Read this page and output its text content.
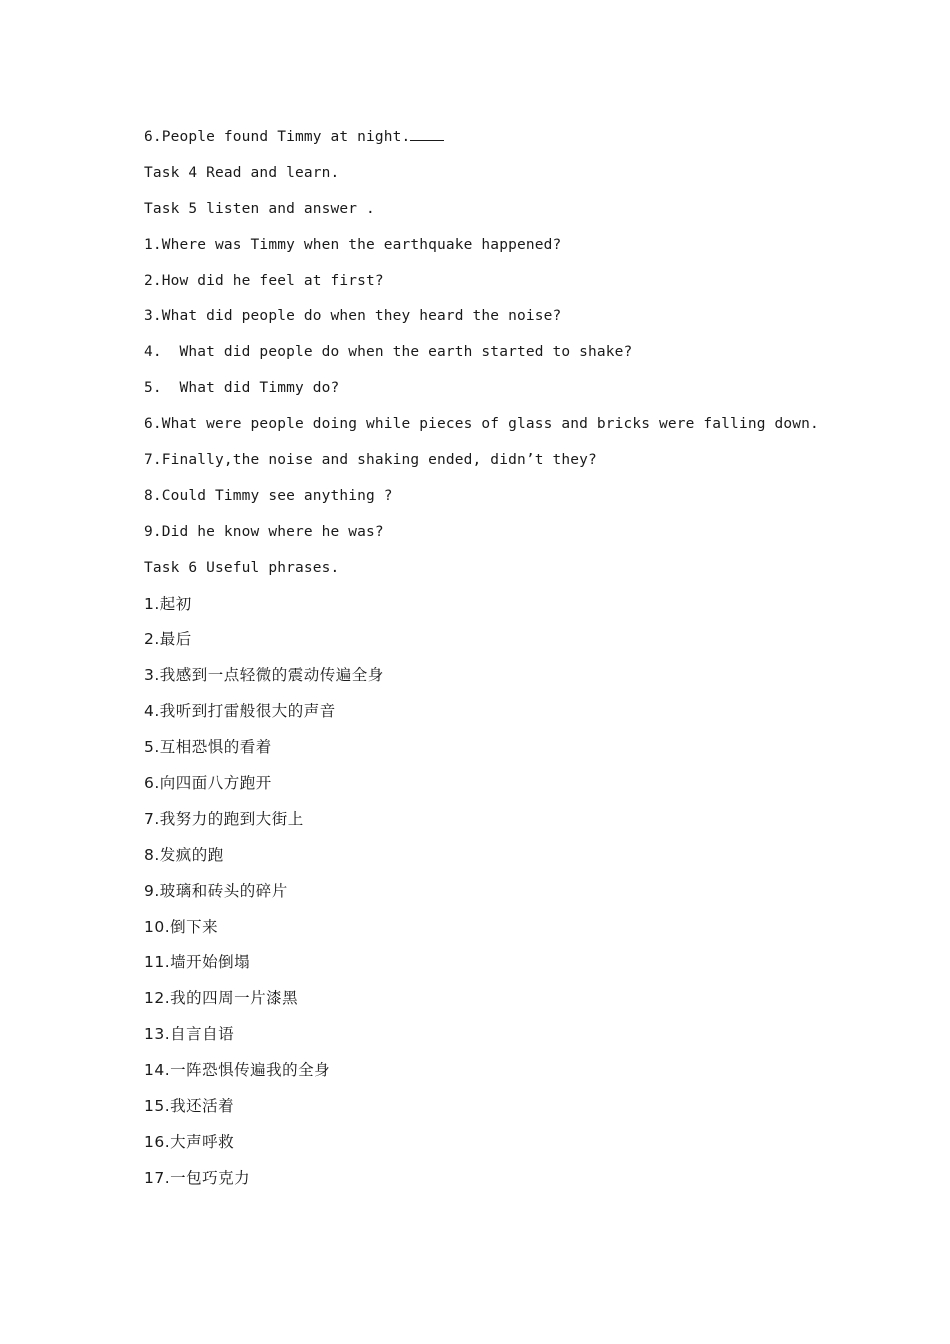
6.People found Timmy at night.
Task 4 Read and learn.
Task 5 listen and answer .
1.Where was Timmy when the earthquake happened?
2.How did he feel at first?
3.What did people do when they heard the noise?
4.  What did people do when the earth started to shake?
5.  What did Timmy do?
6.What were people doing while pieces of glass and bricks were falling down.
7.Finally,the noise and shaking ended, didn’t they?
8.Could Timmy see anything ?
9.Did he know where he was?
Task 6 Useful phrases.
1.起初
2.最后
3.我感到一点轻微的震动传遍全身
4.我听到打雷般很大的声音
5.互相恐惧的看着
6.向四面八方跑开
7.我努力的跑到大街上
8.发疯的跑
9.玻璃和砖头的碎片
10.倒下来
11.墙开始倒塌
12.我的四周一片漆黑
13.自言自语
14.一阵恐惧传遍我的全身
15.我还活着
16.大声呼救
17.一包巧克力
